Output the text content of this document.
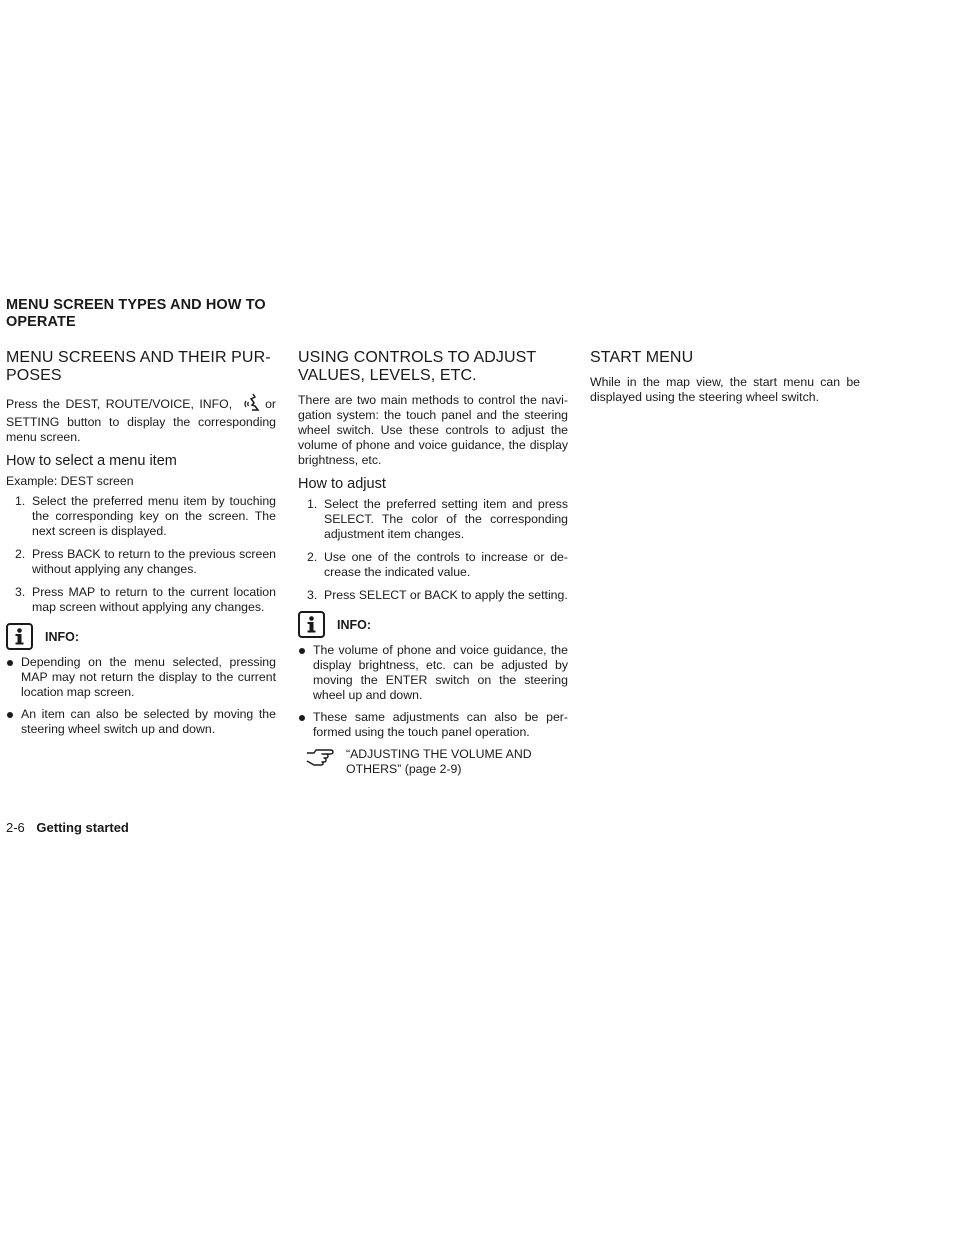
MENU SCREEN TYPES AND HOW TO OPERATE
MENU SCREENS AND THEIR PUR-POSES

Press the DEST, ROUTE/VOICE, INFO,	or SETTING button to display the corresponding menu screen.

How to select a menu item

Example: DEST screen

1. Select the preferred menu item by touching the corresponding key on the screen. The next screen is displayed.
2. Press BACK to return to the previous screen without applying any changes.
3. Press MAP to return to the current location map screen without applying any changes.
INFO:
Depending on the menu selected, pressing MAP may not return the display to the current location map screen.
An item can also be selected by moving the steering wheel switch up and down.
USING CONTROLS TO ADJUST VALUES, LEVELS, ETC.

There are two main methods to control the navi-gation system: the touch panel and the steering wheel switch. Use these controls to adjust the volume of phone and voice guidance, the display brightness, etc.

How to adjust
1. Select the preferred setting item and press SELECT. The color of the corresponding adjustment item changes.
2. Use one of the controls to increase or de-crease the indicated value.
3. Press SELECT or BACK to apply the setting.
INFO:
The volume of phone and voice guidance, the display brightness, etc. can be adjusted by moving the ENTER switch on the steering wheel up and down.
These same adjustments can also be per-formed using the touch panel operation.
“ADJUSTING THE VOLUME AND OTHERS” (page 2-9)
START MENU

While in the map view, the start menu can be displayed using the steering wheel switch.

2-6 Getting started
